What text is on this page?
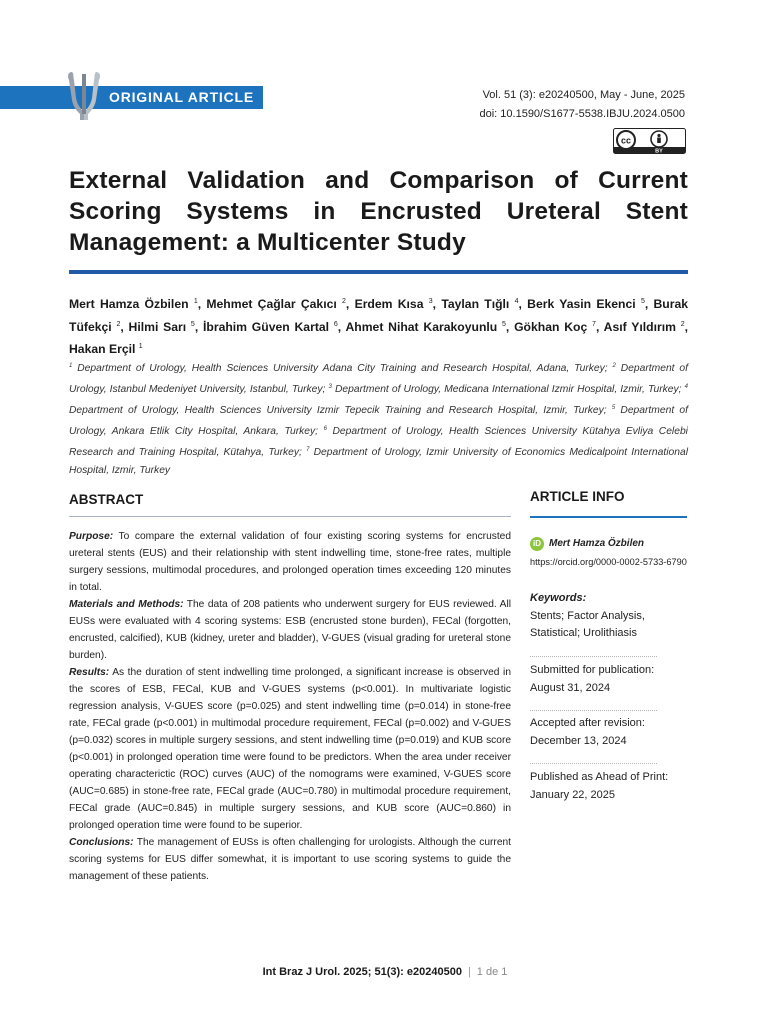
ORIGINAL ARTICLE	Vol. 51 (3): e20240500, May - June, 2025
doi: 10.1590/S1677-5538.IBJU.2024.0500
cc
BY
External Validation and Comparison of Current Scoring Systems in Encrusted Ureteral Stent Management: a Multicenter Study
Mert Hamza Özbilen $^1$, Mehmet Çağlar Çakıcı $^2$, Erdem Kısa $^3$, Taylan Tığlı $^4$, Berk Yasin Ekenci $^5$, Burak Tüfekçi $^2$, Hilmi Sarı $^5$, İbrahim Güven Kartal $^6$, Ahmet Nihat Karakoyunlu $^5$, Gökhan Koç $^7$, Asıf Yıldırım $^2$, Hakan Erçil $^1$
$^1$ Department of Urology, Health Sciences University Adana City Training and Research Hospital, Adana, Turkey; $^2$ Department of Urology, Istanbul Medeniyet University, Istanbul, Turkey; $^3$ Department of Urology, Medicana International Izmir Hospital, Izmir, Turkey; $^4$ Department of Urology, Health Sciences University Izmir Tepecik Training and Research Hospital, Izmir, Turkey; $^5$ Department of Urology, Ankara Etlik City Hospital, Ankara, Turkey; $^6$ Department of Urology, Health Sciences University Kütahya Evliya Celebi Research and Training Hospital, Kütahya, Turkey; $^7$ Department of Urology, Izmir University of Economics Medicalpoint International Hospital, Izmir, Turkey
ABSTRACT

Purpose: To compare the external validation of four existing scoring systems for encrusted ureteral stents (EUS) and their relationship with stent indwelling time, stone-free rates, multiple surgery sessions, multimodal procedures, and prolonged operation times exceeding 120 minutes in total.

Materials and Methods: The data of 208 patients who underwent surgery for EUS reviewed. All EUSs were evaluated with 4 scoring systems: ESB (encrusted stone burden), FECal (forgotten, encrusted, calcified), KUB (kidney, ureter and bladder), V-GUES (visual grading for ureteral stone burden).

Results: As the duration of stent indwelling time prolonged, a significant increase is observed in the scores of ESB, FECal, KUB and V-GUES systems (p<0.001). In multivariate logistic regression analysis, V-GUES score (p=0.025) and stent indwelling time (p=0.014) in stone-free rate, FECal grade (p<0.001) in multimodal procedure requirement, FECal (p=0.002) and V-GUES (p=0.032) scores in multiple surgery sessions, and stent indwelling time (p=0.019) and KUB score (p<0.001) in prolonged operation time were found to be predictors. When the area under receiver operating characterictic (ROC) curves (AUC) of the nomograms were examined, V-GUES score (AUC=0.685) in stone-free rate, FECal grade (AUC=0.780) in multimodal procedure requirement, FECal grade (AUC=0.845) in multiple surgery sessions, and KUB score (AUC=0.860) in prolonged operation time were found to be superior.

Conclusions: The management of EUSs is often challenging for urologists. Although the current scoring systems for EUS differ somewhat, it is important to use scoring systems to guide the management of these patients.

ARTICLE INFO
iD Mert Hamza Özbilen
https://orcid.org/0000-0002-5733-6790
Keywords:
Stents; Factor Analysis, Statistical; Urolithiasis
Submitted for publication:
August 31, 2024
Accepted after revision:
December 13, 2024
Published as Ahead of Print:
January 22, 2025
Int Braz J Urol. 2025; 51(3): e20240500 | 1 de 1
